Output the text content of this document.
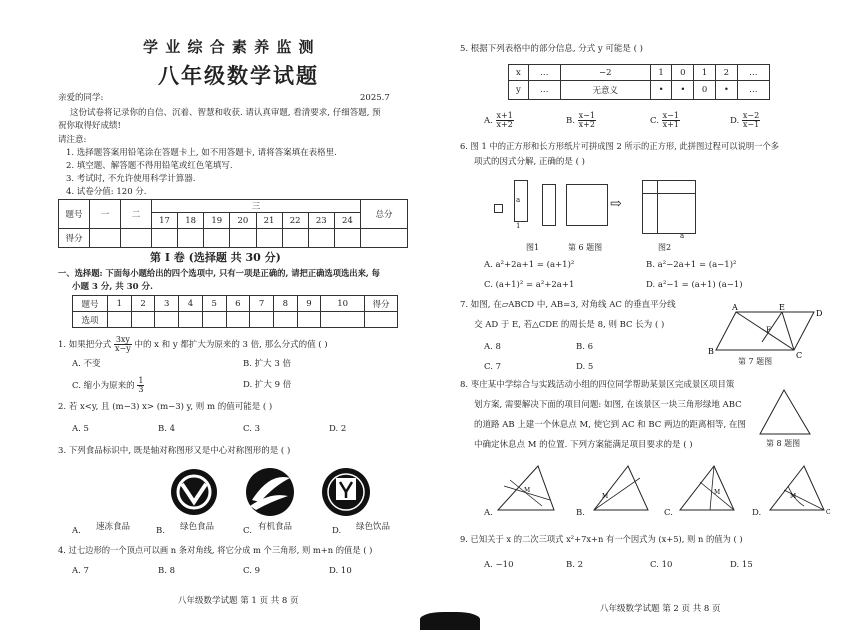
学 业 综 合 素 养 监 测
八年级数学试题
亲爱的同学:	2025.7
这份试卷将记录你的自信、沉着、智慧和收获. 请认真审题, 看清要求, 仔细答题, 预
祝你取得好成绩!
请注意:
1. 选择题答案用铅笔涂在答题卡上, 如不用答题卡, 请将答案填在表格里.
2. 填空题、解答题不得用铅笔或红色笔填写.
3. 考试时, 不允许使用科学计算器.
4. 试卷分值: 120 分.
题号	一	二	三								总分
			17	18	19	20	21	22	23	24	
得分											
第 I 卷 (选择题 共 30 分)
一、选择题: 下面每小题给出的四个选项中, 只有一项是正确的, 请把正确选项选出来, 每
小题 3 分, 共 30 分.
题号	1	2	3	4	5	6	7	8	9	10	得分
选项											
1. 如果把分式 $\frac{3xy}{x-y}$ 中的 x 和 y 都扩大为原来的 3 倍, 那么分式的值 ( )
A. 不变	B. 扩大 3 倍
C. 缩小为原来的 $\frac{1}{3}$	D. 扩大 9 倍
2. 若 x<y, 且 (m−3) x> (m−3) y, 则 m 的值可能是 ( )
A. 5	B. 4	C. 3	D. 2
3. 下列食品标识中, 既是轴对称图形又是中心对称图形的是 ( )
A. 速冻食品	B. 绿色食品	C. 有机食品	D. 绿色饮品
4. 过七边形的一个顶点可以画 n 条对角线, 将它分成 m 个三角形, 则 m+n 的值是 ( )
A. 7	B. 8	C. 9	D. 10
八年级数学试题 第 1 页 共 8 页
5. 根据下列表格中的部分信息, 分式 y 可能是 ( )
x	…	−2	1	0	1	2	…
y	…	无意义	•	•	0	•	…
A. $\frac{x+1}{x+2}$	B. $\frac{x-1}{x+2}$	C. $\frac{x-1}{x+1}$	D. $\frac{x-2}{x-1}$
6. 图 1 中的正方形和长方形纸片可拼成图 2 所示的正方形, 此拼图过程可以说明一个多
项式的因式分解, 正确的是 ( )
⇨
a
1
a
图1	第 6 题图	图2
A. a²+2a+1 = (a+1)²	B. a²−2a+1 = (a−1)²
C. (a+1)² = a²+2a+1	D. a²−1 = (a+1) (a−1)
7. 如图, 在▱ABCD 中, AB=3, 对角线 AC 的垂直平分线
交 AD 于 E, 若△CDE 的周长是 8, 则 BC 长为 ( )
A. 8	B. 6
C. 7	D. 5
A	E
D
F
B	C
第 7 题图
8. 枣庄某中学综合与实践活动小组的四位同学帮助某景区完成景区项目策
划方案, 需要解决下面的项目问题: 如图, 在该景区一块三角形绿地 ABC
的道路 AB 上建一个休息点 M, 使它到 AC 和 BC 两边的距离相等, 在图
中确定休息点 M 的位置. 下列方案能满足项目要求的是 ( )	第 8 题图
A.
M
B.
M
C.
M
D.
M
C
9. 已知关于 x 的二次三项式 x²+7x+n 有一个因式为 (x+5), 则 n 的值为 ( )
A. −10	B. 2	C. 10	D. 15
八年级数学试题 第 2 页 共 8 页
